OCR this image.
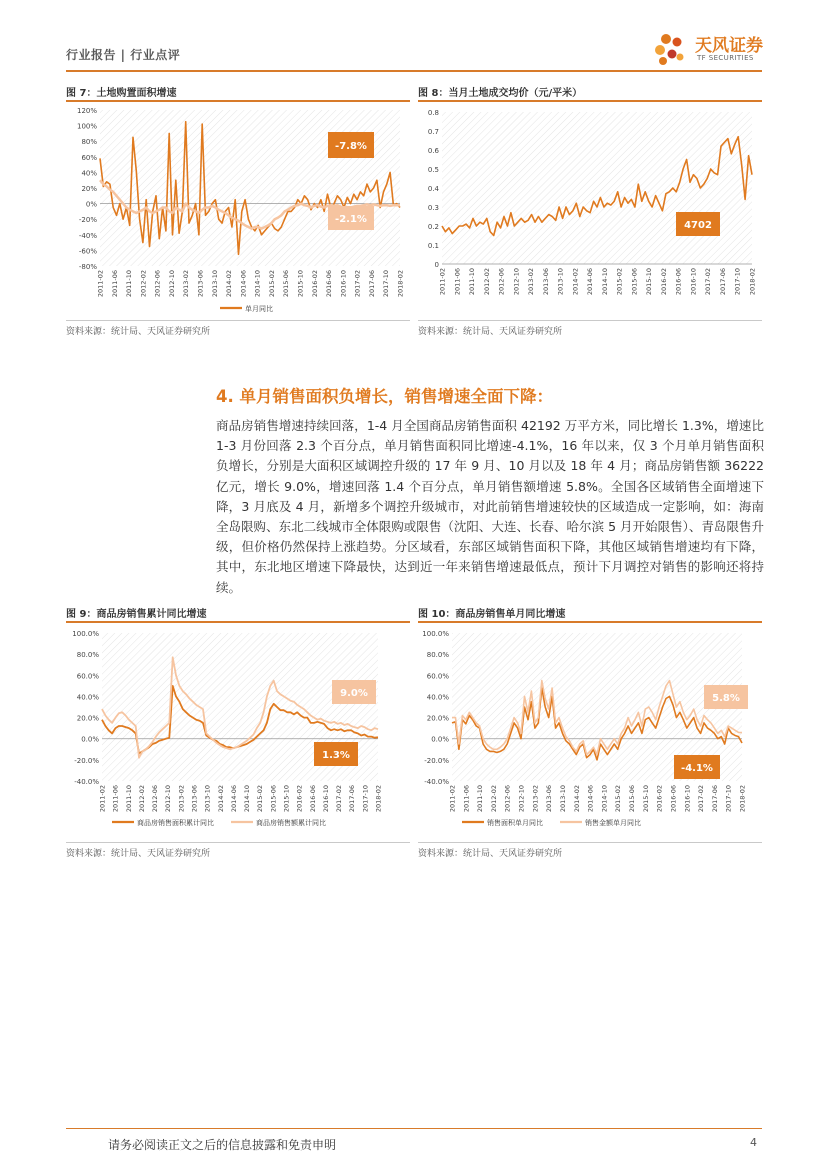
行业报告 | 行业点评	天风证券
TF SECURITIES
图 7：土地购置面积增速
120%
100%
80%
60%
40%
20%
0%
-20%
-40%
-60%
-80%
2011-02 2011-06 2011-10 2012-02 2012-06 2012-10 2013-02 2013-06 2013-10 2014-02 2014-06 2014-10 2015-02 2015-06 2015-10 2016-02 2016-06 2016-10 2017-02 2017-06 2017-10 2018-02
-7.8%
-2.1%
单月同比
资料来源：统计局、天风证券研究所
图 8：当月土地成交均价（元/平米）
0.8
0.7
0.6
0.5
0.4
0.3
0.2
0.1
0
2011-02 2011-06 2011-10 2012-02 2012-06 2012-10 2013-02 2013-06 2013-10 2014-02 2014-06 2014-10 2015-02 2015-06 2015-10 2016-02 2016-06 2016-10 2017-02 2017-06 2017-10 2018-02
4702
资料来源：统计局、天风证券研究所
4. 单月销售面积负增长，销售增速全面下降：
商品房销售增速持续回落，1-4 月全国商品房销售面积 42192 万平方米，同比增长 1.3%，增速比 1-3 月份回落 2.3 个百分点，单月销售面积同比增速-4.1%，16 年以来，仅 3 个月单月销售面积负增长，分别是大面积区域调控升级的 17 年 9 月、10 月以及 18 年 4 月；商品房销售额 36222 亿元，增长 9.0%，增速回落 1.4 个百分点，单月销售额增速 5.8%。全国各区域销售全面增速下降，3 月底及 4 月，新增多个调控升级城市，对此前销售增速较快的区域造成一定影响，如：海南全岛限购、东北二线城市全体限购或限售（沈阳、大连、长春、哈尔滨 5 月开始限售）、青岛限售升级，但价格仍然保持上涨趋势。分区域看，东部区域销售面积下降，其他区域销售增速均有下降，其中，东北地区增速下降最快，达到近一年来销售增速最低点，预计下月调控对销售的影响还将持续。
图 9：商品房销售累计同比增速
100.0%
80.0%
60.0%
40.0%
20.0%
0.0%
-20.0%
-40.0%
2011-02 2011-06 2011-10 2012-02 2012-06 2012-10 2013-02 2013-06 2013-10 2014-02 2014-06 2014-10 2015-02 2015-06 2015-10 2016-02 2016-06 2016-10 2017-02 2017-06 2017-10 2018-02
9.0%
1.3%
商品房销售面积累计同比	商品房销售额累计同比
资料来源：统计局、天风证券研究所
图 10：商品房销售单月同比增速
100.0%
80.0%
60.0%
40.0%
20.0%
0.0%
-20.0%
-40.0%
2011-02 2011-06 2011-10 2012-02 2012-06 2012-10 2013-02 2013-06 2013-10 2014-02 2014-06 2014-10 2015-02 2015-06 2015-10 2016-02 2016-06 2016-10 2017-02 2017-06 2017-10 2018-02
5.8%
-4.1%
销售面积单月同比	销售金额单月同比
资料来源：统计局、天风证券研究所
请务必阅读正文之后的信息披露和免责申明	4
